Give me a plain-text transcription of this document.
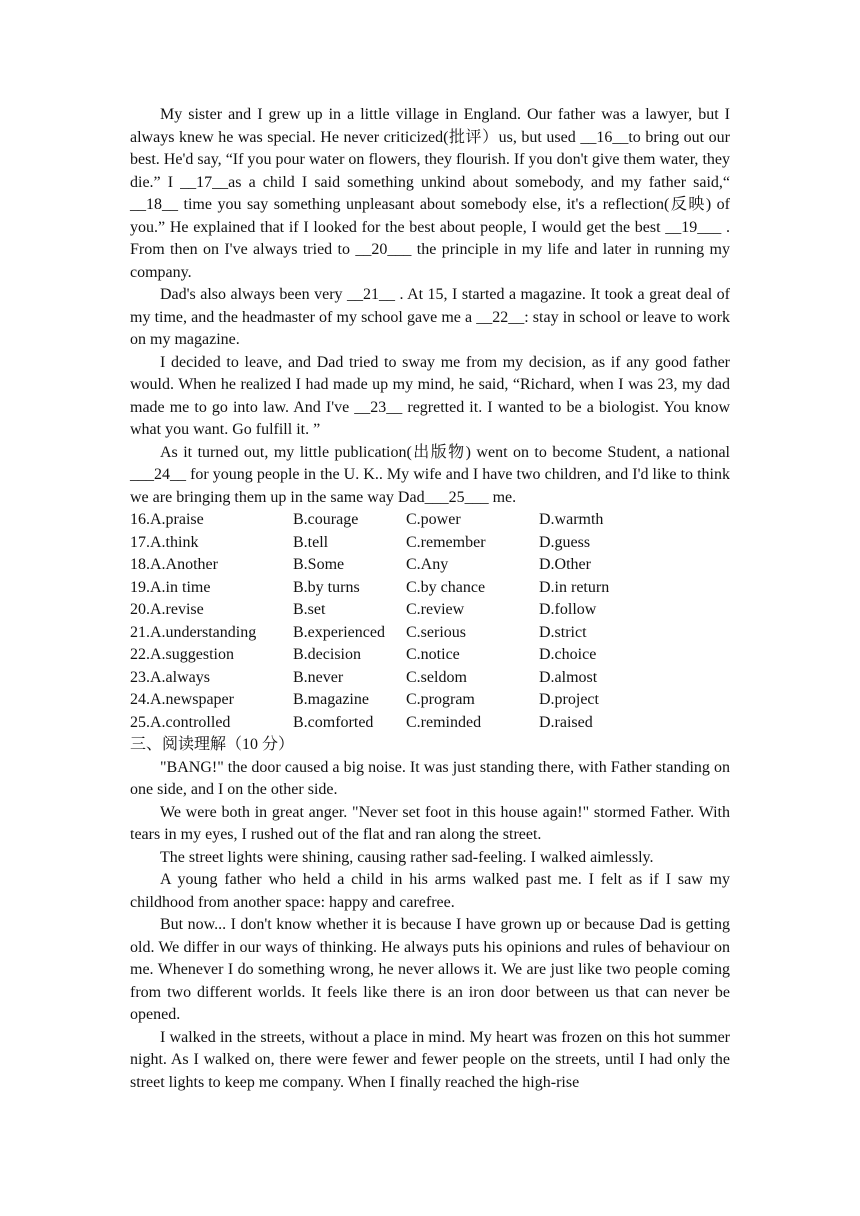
My sister and I grew up in a little village in England. Our father was a lawyer, but I always knew he was special. He never criticized(批评）us, but used __16__to bring out our best. He'd say, “If you pour water on flowers, they flourish. If you don't give them water, they die.” I __17__as a child I said something unkind about somebody, and my father said,“ __18__ time you say something unpleasant about somebody else, it's a reflection(反映) of you.” He explained that if I looked for the best about people, I would get the best __19___ . From then on I've always tried to __20___ the principle in my life and later in running my company.

Dad's also always been very __21__ . At 15, I started a magazine. It took a great deal of my time, and the headmaster of my school gave me a __22__: stay in school or leave to work on my magazine.

I decided to leave, and Dad tried to sway me from my decision, as if any good father would. When he realized I had made up my mind, he said, “Richard, when I was 23, my dad made me to go into law. And I've __23__ regretted it. I wanted to be a biologist. You know what you want. Go fulfill it. ”

As it turned out, my little publication(出版物) went on to become Student, a national ___24__ for young people in the U. K.. My wife and I have two children, and I'd like to think we are bringing them up in the same way Dad___25___ me.

16.A.praise	B.courage	C.power	D.warmth
17.A.think	B.tell	C.remember	D.guess
18.A.Another	B.Some	C.Any	D.Other
19.A.in time	B.by turns	C.by chance	D.in return
20.A.revise	B.set	C.review	D.follow
21.A.understanding	B.experienced	C.serious	D.strict
22.A.suggestion	B.decision	C.notice	D.choice
23.A.always	B.never	C.seldom	D.almost
24.A.newspaper	B.magazine	C.program	D.project
25.A.controlled	B.comforted	C.reminded	D.raised

三、阅读理解（10 分）

"BANG!" the door caused a big noise. It was just standing there, with Father standing on one side, and I on the other side.

We were both in great anger. "Never set foot in this house again!" stormed Father. With tears in my eyes, I rushed out of the flat and ran along the street.

The street lights were shining, causing rather sad-feeling. I walked aimlessly.

A young father who held a child in his arms walked past me. I felt as if I saw my childhood from another space: happy and carefree.

But now... I don't know whether it is because I have grown up or because Dad is getting old. We differ in our ways of thinking. He always puts his opinions and rules of behaviour on me. Whenever I do something wrong, he never allows it. We are just like two people coming from two different worlds. It feels like there is an iron door between us that can never be opened.

I walked in the streets, without a place in mind. My heart was frozen on this hot summer night. As I walked on, there were fewer and fewer people on the streets, until I had only the street lights to keep me company. When I finally reached the high-rise
